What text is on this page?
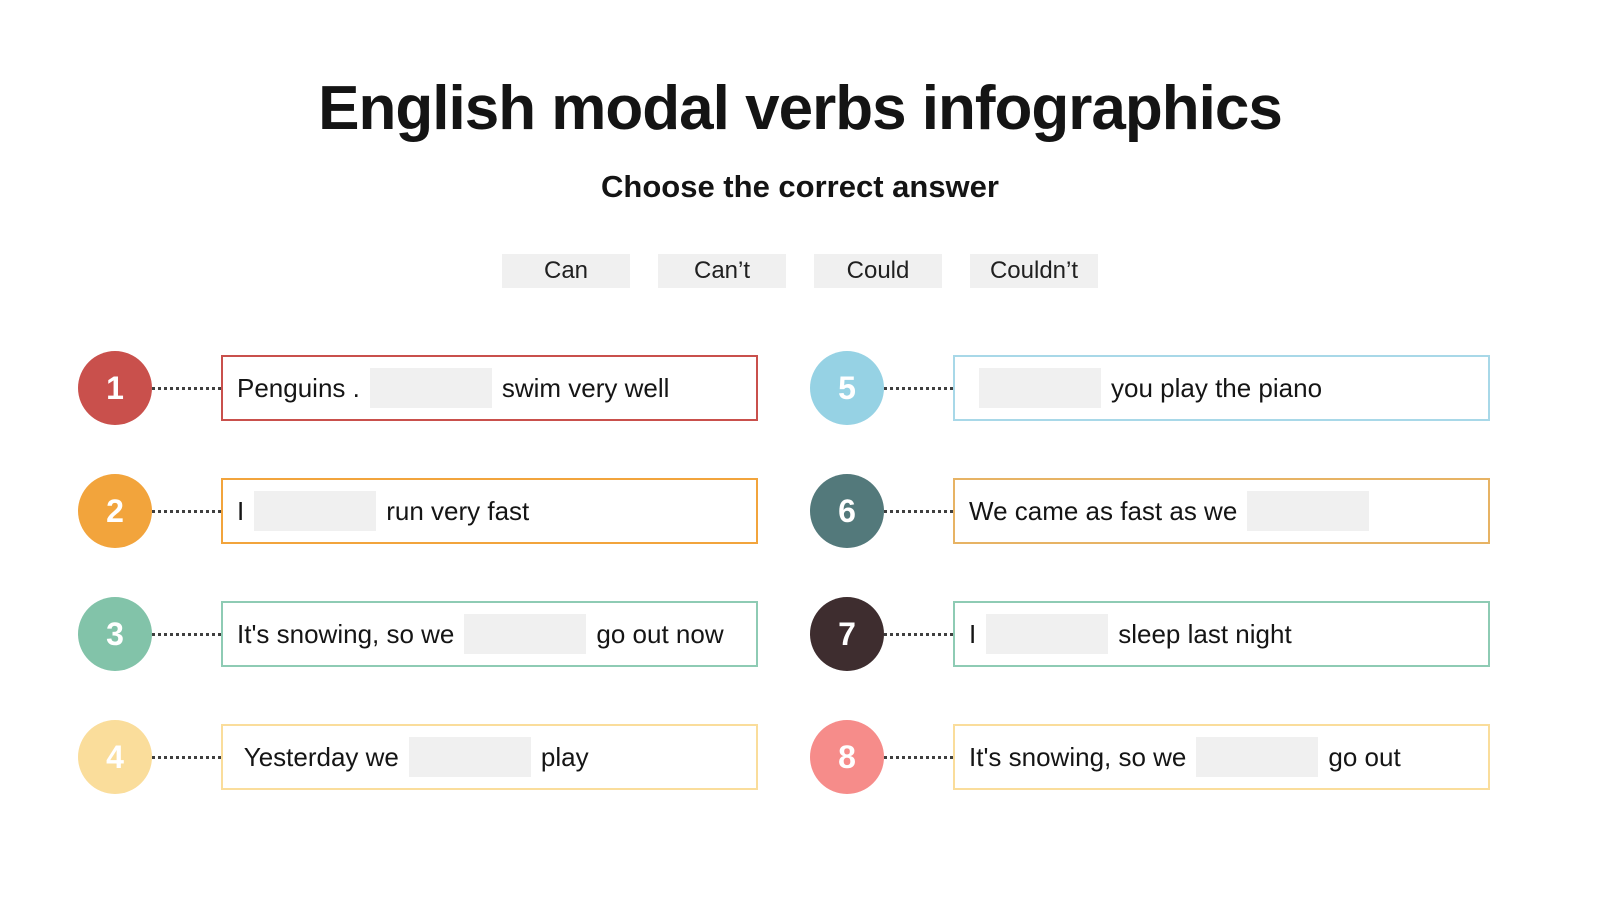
English modal verbs infographics
Choose the correct answer
Can	Can’t	Could	Couldn’t
1	Penguins .	swim very well
2	I	run very fast
3	It's snowing, so we	go out now
4	Yesterday we	play
5	you play the piano
6	We came as fast as we
7	I	sleep last night
8	It's snowing, so we	go out
